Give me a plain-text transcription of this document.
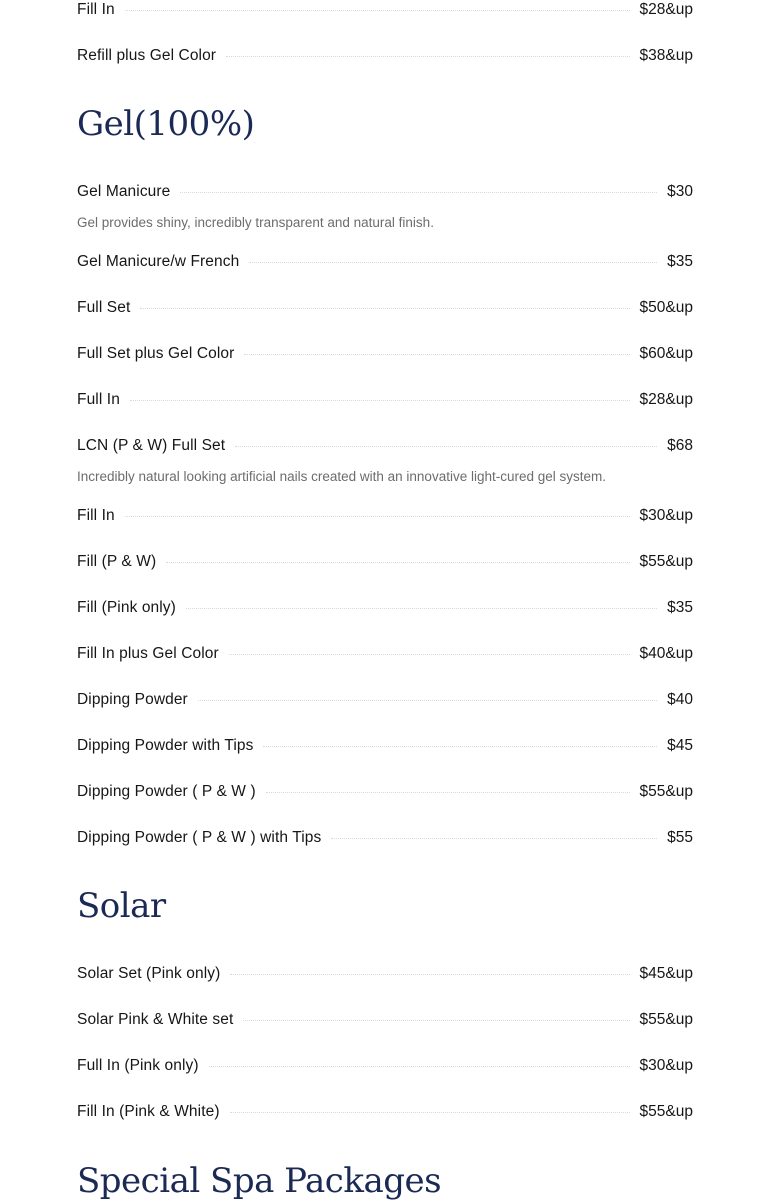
Fill In	$28&up
Refill plus Gel Color	$38&up
Gel(100%)
Gel Manicure	$30
Gel provides shiny, incredibly transparent and natural finish.
Gel Manicure/w French	$35
Full Set	$50&up
Full Set plus Gel Color	$60&up
Full In	$28&up
LCN (P & W) Full Set	$68
Incredibly natural looking artificial nails created with an innovative light-cured gel system.
Fill In	$30&up
Fill (P & W)	$55&up
Fill (Pink only)	$35
Fill In plus Gel Color	$40&up
Dipping Powder	$40
Dipping Powder with Tips	$45
Dipping Powder ( P & W )	$55&up
Dipping Powder ( P & W ) with Tips	$55
Solar
Solar Set (Pink only)	$45&up
Solar Pink & White set	$55&up
Full In (Pink only)	$30&up
Fill In (Pink & White)	$55&up
Special Spa Packages
